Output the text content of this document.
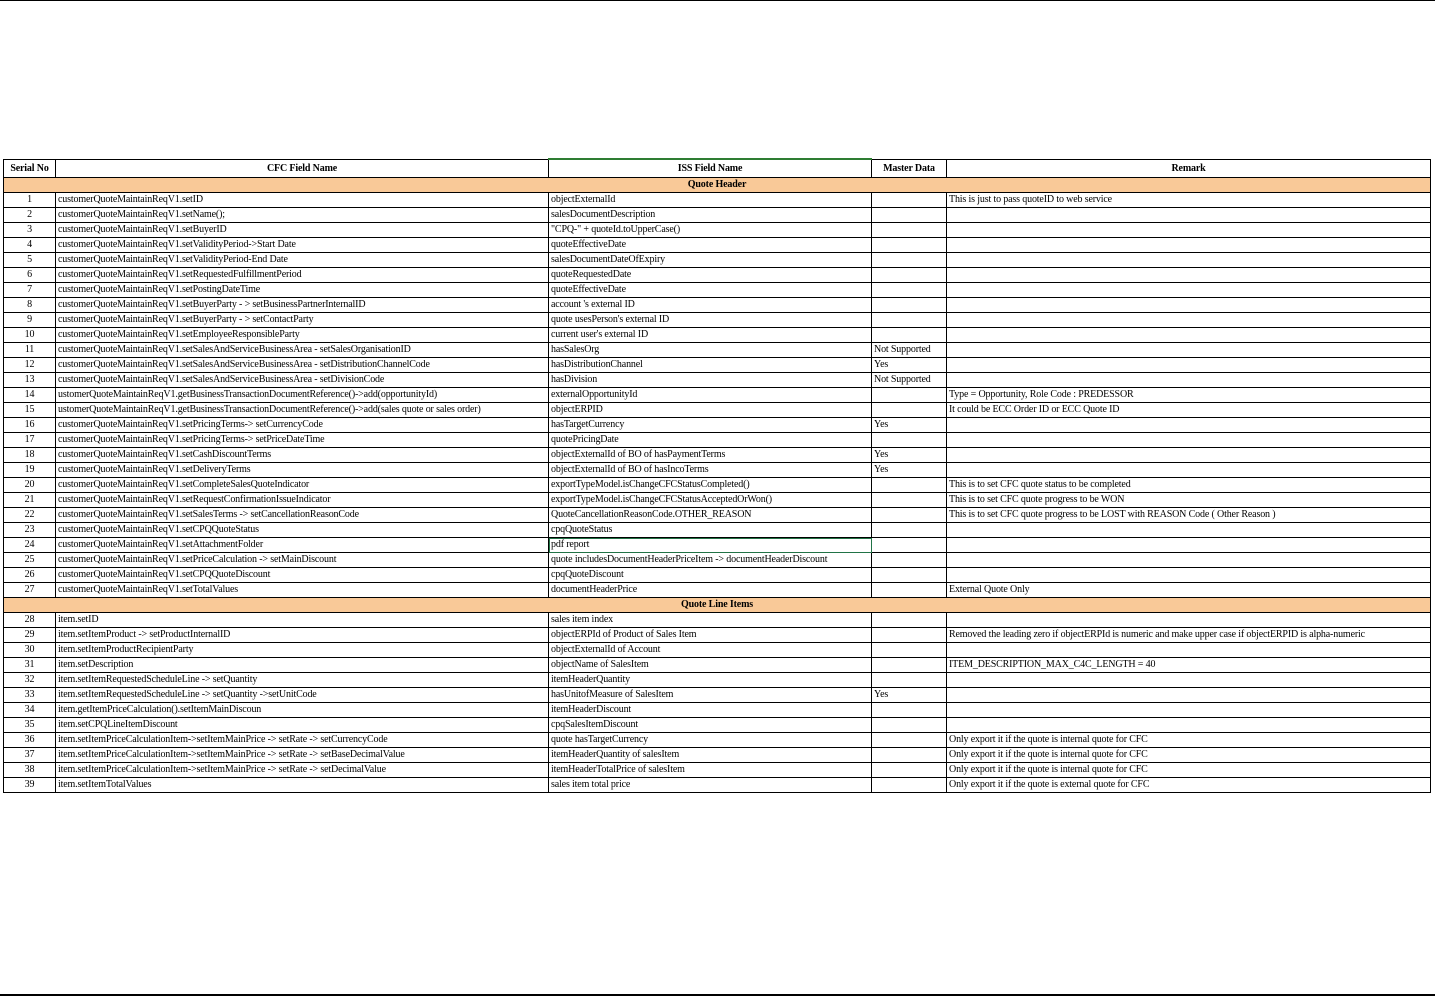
Serial No	CFC Field Name	ISS Field Name	Master Data	Remark
Quote Header				
1	customerQuoteMaintainReqV1.setID	objectExternalId		This is just to pass quoteID to web service
2	customerQuoteMaintainReqV1.setName();	salesDocumentDescription		
3	customerQuoteMaintainReqV1.setBuyerID	"CPQ-" + quoteId.toUpperCase()		
4	customerQuoteMaintainReqV1.setValidityPeriod->Start Date	quoteEffectiveDate		
5	customerQuoteMaintainReqV1.setValidityPeriod-End Date	salesDocumentDateOfExpiry		
6	customerQuoteMaintainReqV1.setRequestedFulfillmentPeriod	quoteRequestedDate		
7	customerQuoteMaintainReqV1.setPostingDateTime	quoteEffectiveDate		
8	customerQuoteMaintainReqV1.setBuyerParty - > setBusinessPartnerInternalID	account 's external ID		
9	customerQuoteMaintainReqV1.setBuyerParty - > setContactParty	quote usesPerson's external ID		
10	customerQuoteMaintainReqV1.setEmployeeResponsibleParty	current user's external ID		
11	customerQuoteMaintainReqV1.setSalesAndServiceBusinessArea - setSalesOrganisationID	hasSalesOrg	Not Supported	
12	customerQuoteMaintainReqV1.setSalesAndServiceBusinessArea - setDistributionChannelCode	hasDistributionChannel	Yes	
13	customerQuoteMaintainReqV1.setSalesAndServiceBusinessArea - setDivisionCode	hasDivision	Not Supported	
14	ustomerQuoteMaintainReqV1.getBusinessTransactionDocumentReference()->add(opportunityId)	externalOpportunityId		Type = Opportunity, Role Code : PREDESSOR
15	ustomerQuoteMaintainReqV1.getBusinessTransactionDocumentReference()->add(sales quote or sales order)	objectERPID		It could be ECC Order ID or ECC Quote ID
16	customerQuoteMaintainReqV1.setPricingTerms-> setCurrencyCode	hasTargetCurrency	Yes	
17	customerQuoteMaintainReqV1.setPricingTerms-> setPriceDateTime	quotePricingDate		
18	customerQuoteMaintainReqV1.setCashDiscountTerms	objectExternalId of BO of hasPaymentTerms	Yes	
19	customerQuoteMaintainReqV1.setDeliveryTerms	objectExternalId of BO of hasIncoTerms	Yes	
20	customerQuoteMaintainReqV1.setCompleteSalesQuoteIndicator	exportTypeModel.isChangeCFCStatusCompleted()		This is to set CFC quote status to be completed
21	customerQuoteMaintainReqV1.setRequestConfirmationIssueIndicator	exportTypeModel.isChangeCFCStatusAcceptedOrWon()		This is to set CFC quote progress to be WON
22	customerQuoteMaintainReqV1.setSalesTerms -> setCancellationReasonCode	QuoteCancellationReasonCode.OTHER_REASON		This is to set CFC quote progress to be LOST with REASON Code ( Other Reason )
23	customerQuoteMaintainReqV1.setCPQQuoteStatus	cpqQuoteStatus		
24	customerQuoteMaintainReqV1.setAttachmentFolder	pdf report		
25	customerQuoteMaintainReqV1.setPriceCalculation -> setMainDiscount	quote includesDocumentHeaderPriceItem -> documentHeaderDiscount		
26	customerQuoteMaintainReqV1.setCPQQuoteDiscount	cpqQuoteDiscount		
27	customerQuoteMaintainReqV1.setTotalValues	documentHeaderPrice		External Quote Only
Quote Line Items				
28	item.setID	sales item index		
29	item.setItemProduct -> setProductInternalID	objectERPId of Product of Sales Item		Removed the leading zero if objectERPId is numeric and make upper case if objectERPID is alpha-numeric
30	item.setItemProductRecipientParty	objectExternalId of Account		
31	item.setDescription	objectName of SalesItem		ITEM_DESCRIPTION_MAX_C4C_LENGTH = 40
32	item.setItemRequestedScheduleLine -> setQuantity	itemHeaderQuantity		
33	item.setItemRequestedScheduleLine -> setQuantity ->setUnitCode	hasUnitofMeasure of SalesItem	Yes	
34	item.getItemPriceCalculation().setItemMainDiscoun	itemHeaderDiscount		
35	item.setCPQLineItemDiscount	cpqSalesItemDiscount		
36	item.setItemPriceCalculationItem->setItemMainPrice -> setRate -> setCurrencyCode	quote hasTargetCurrency		Only export it if the quote is internal quote for CFC
37	item.setItemPriceCalculationItem->setItemMainPrice -> setRate -> setBaseDecimalValue	itemHeaderQuantity of salesItem		Only export it if the quote is internal quote for CFC
38	item.setItemPriceCalculationItem->setItemMainPrice -> setRate -> setDecimalValue	itemHeaderTotalPrice of salesItem		Only export it if the quote is internal quote for CFC
39	item.setItemTotalValues	sales item total price		Only export it if the quote is external quote for CFC
